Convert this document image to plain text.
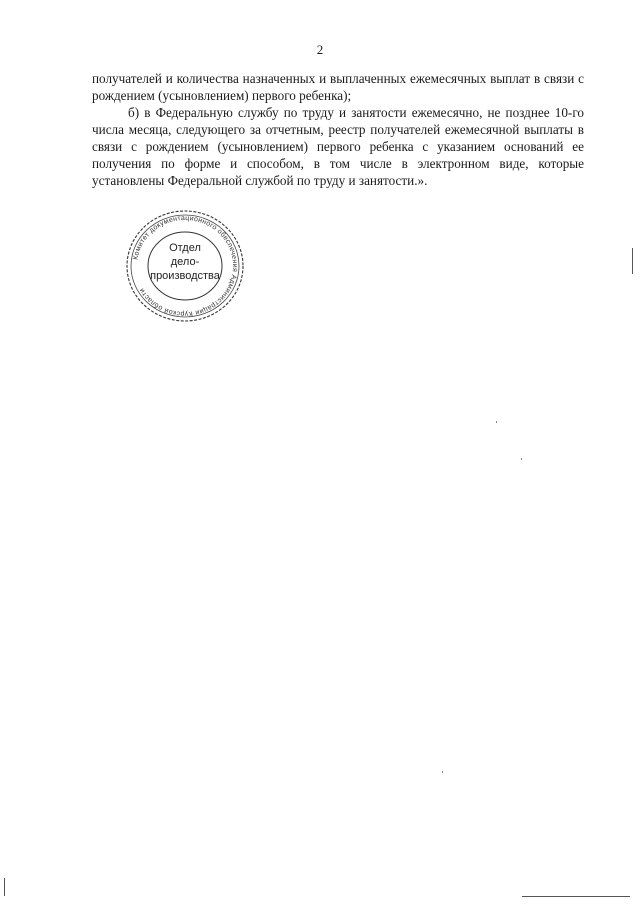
2

получателей и количества назначенных и выплаченных ежемесячных выплат в связи с рождением (усыновлением) первого ребенка);

б) в Федеральную службу по труду и занятости ежемесячно, не позднее 10-го числа месяца, следующего за отчетным, реестр получателей ежемесячной выплаты в связи с рождением (усыновлением) первого ребенка с указанием оснований ее получения по форме и способом, в том числе в электронном виде, которые установлены Федеральной службой по труду и занятости.».

Комитет документационного обеспечения Администрации Курской области
Отдел
дело-
производства
